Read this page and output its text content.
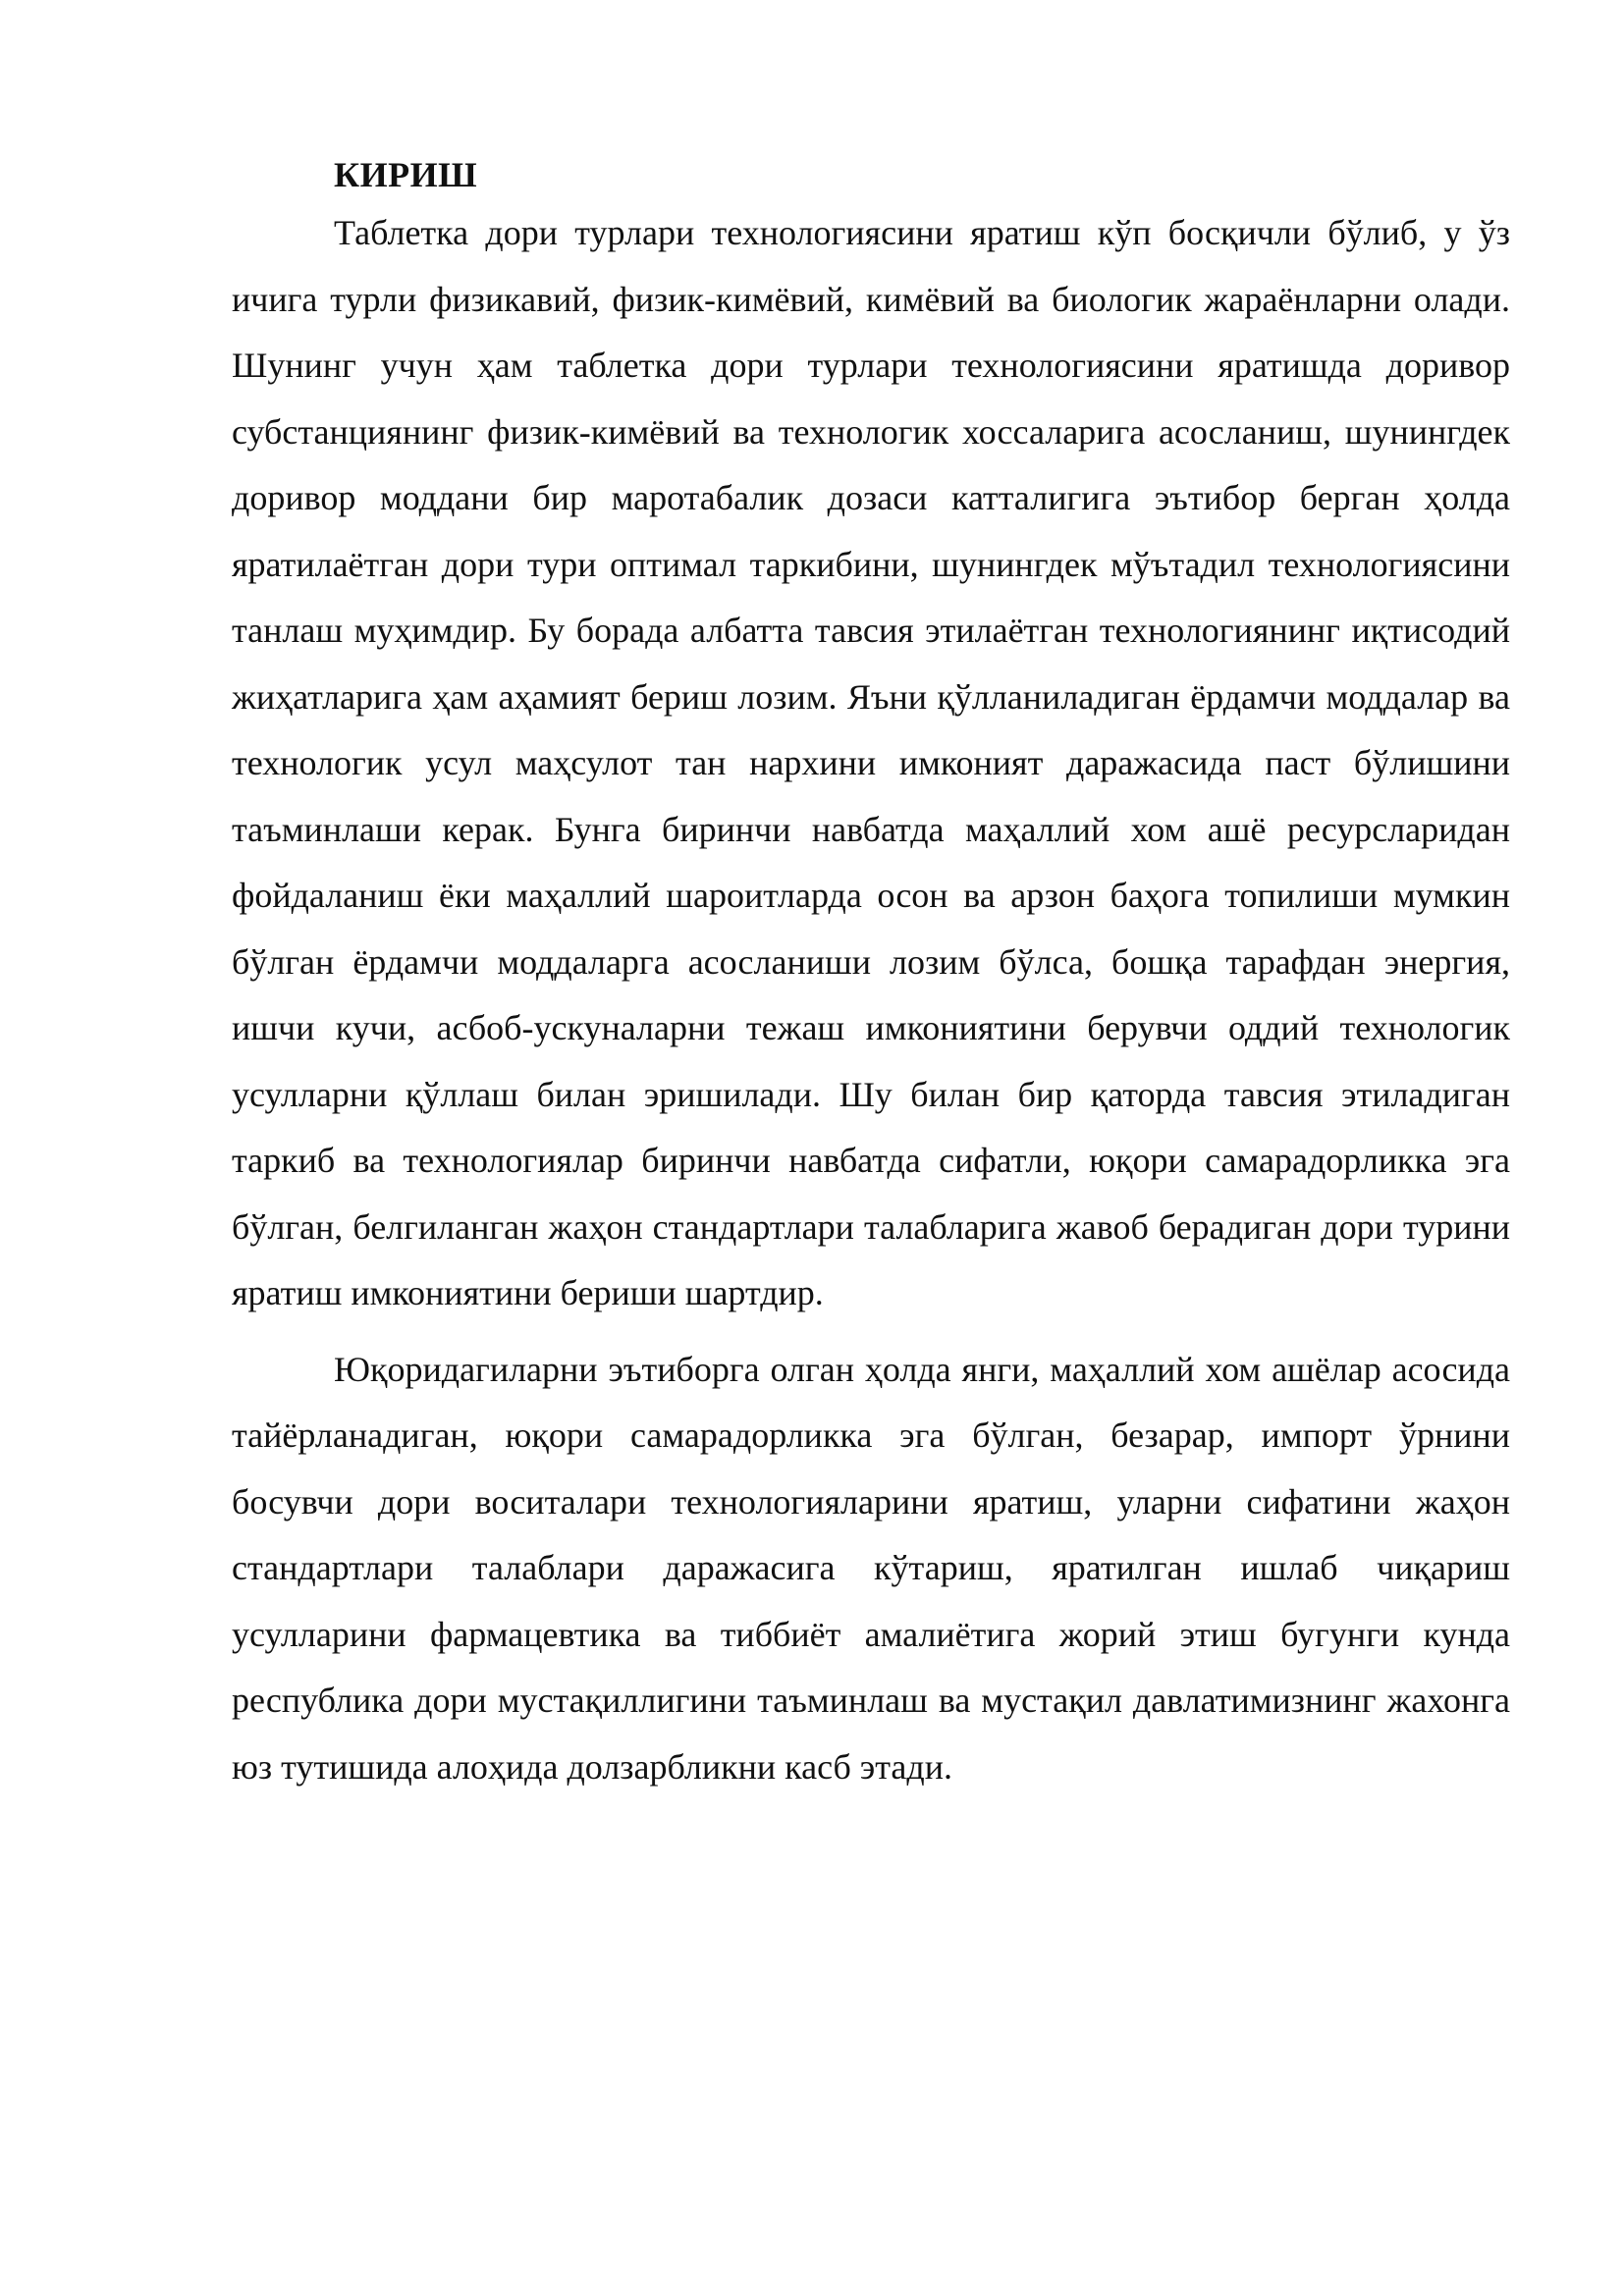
КИРИШ

Таблетка дори турлари технологиясини яратиш кўп босқичли бўлиб, у ўз ичига турли физикавий, физик-кимёвий, кимёвий ва биологик жараёнларни олади. Шунинг учун ҳам таблетка дори турлари технологиясини яратишда доривор субстанциянинг физик-кимёвий ва технологик хоссаларига асосланиш, шунингдек доривор моддани бир маротабалик дозаси катталигига эътибор берган ҳолда яратилаётган дори тури оптимал таркибини, шунингдек мўътадил технологиясини танлаш муҳимдир. Бу борада албатта тавсия этилаётган технологиянинг иқтисодий жиҳатларига ҳам аҳамият бериш лозим. Яъни қўлланиладиган ёрдамчи моддалар ва технологик усул маҳсулот тан нархини имконият даражасида паст бўлишини таъминлаши керак. Бунга биринчи навбатда маҳаллий хом ашё ресурсларидан фойдаланиш ёки маҳаллий шароитларда осон ва арзон баҳога топилиши мумкин бўлган ёрдамчи моддаларга асосланиши лозим бўлса, бошқа тарафдан энергия, ишчи кучи, асбоб-ускуналарни тежаш имкониятини берувчи оддий технологик усулларни қўллаш билан эришилади. Шу билан бир қаторда тавсия этиладиган таркиб ва технологиялар биринчи навбатда сифатли, юқори самарадорликка эга бўлган, белгиланган жаҳон стандартлари талабларига жавоб берадиган дори турини яратиш имкониятини бериши шартдир.

Юқоридагиларни эътиборга олган ҳолда янги, маҳаллий хом ашёлар асосида тайёрланадиган, юқори самарадорликка эга бўлган, безарар, импорт ўрнини босувчи дори воситалари технологияларини яратиш, уларни сифатини жаҳон стандартлари талаблари даражасига кўтариш, яратилган ишлаб чиқариш усулларини фармацевтика ва тиббиёт амалиётига жорий этиш бугунги кунда республика дори мустақиллигини таъминлаш ва мустақил давлатимизнинг жахонга юз тутишида алоҳида долзарбликни касб этади.
